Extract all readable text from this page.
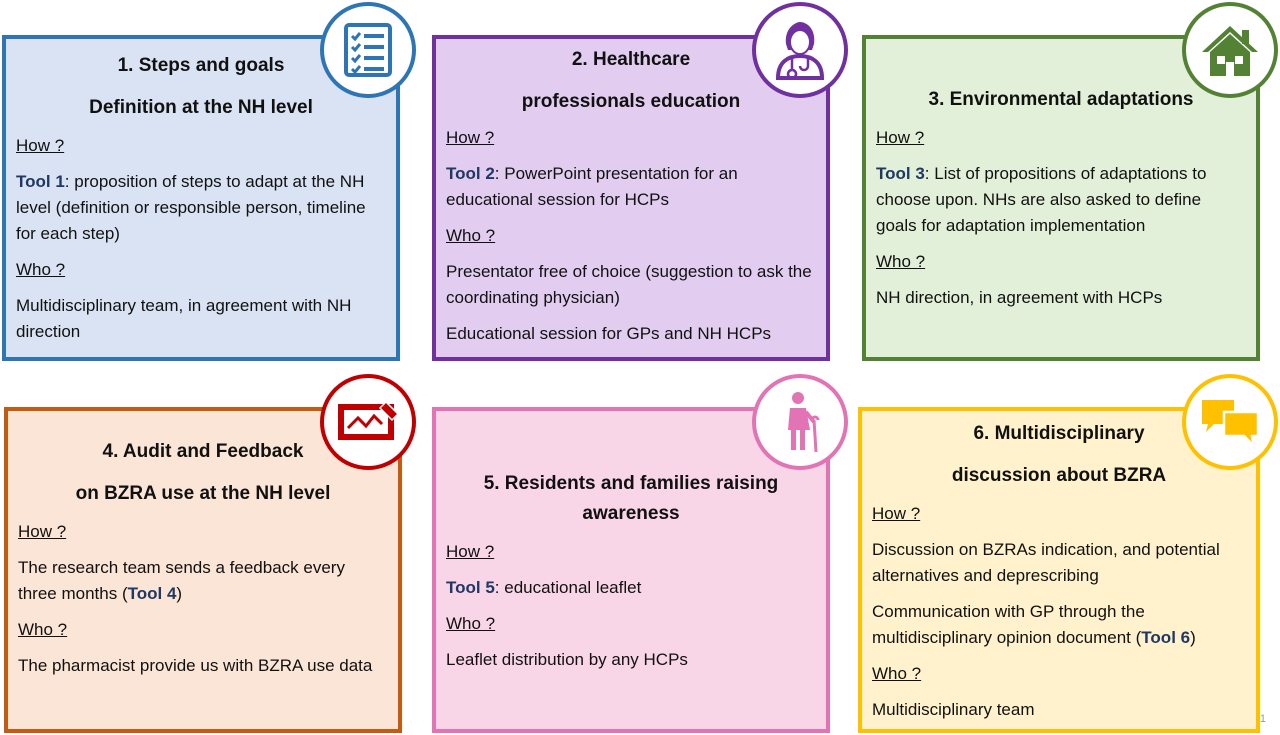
1. Steps and goals

Definition at the NH level

How ?

Tool 1: proposition of steps to adapt at the NH level (definition or responsible person, timeline for each step)

Who ?

Multidisciplinary team, in agreement with NH direction

2. Healthcare

professionals education

How ?

Tool 2: PowerPoint presentation for an educational session for HCPs

Who ?

Presentator free of choice (suggestion to ask the coordinating physician)

Educational session for GPs and NH HCPs

3. Environmental adaptations

How ?

Tool 3: List of propositions of adaptations to choose upon. NHs are also asked to define goals for adaptation implementation

Who ?

NH direction, in agreement with HCPs

4. Audit and Feedback

on BZRA use at the NH level

How ?

The research team sends a feedback every three months (Tool 4)

Who ?

The pharmacist provide us with BZRA use data

5. Residents and families raising

awareness

How ?

Tool 5: educational leaflet

Who ?

Leaflet distribution by any HCPs

6. Multidisciplinary

discussion about BZRA

How ?

Discussion on BZRAs indication, and potential alternatives and deprescribing

Communication with GP through the multidisciplinary opinion document (Tool 6)

Who ?

Multidisciplinary team	1
